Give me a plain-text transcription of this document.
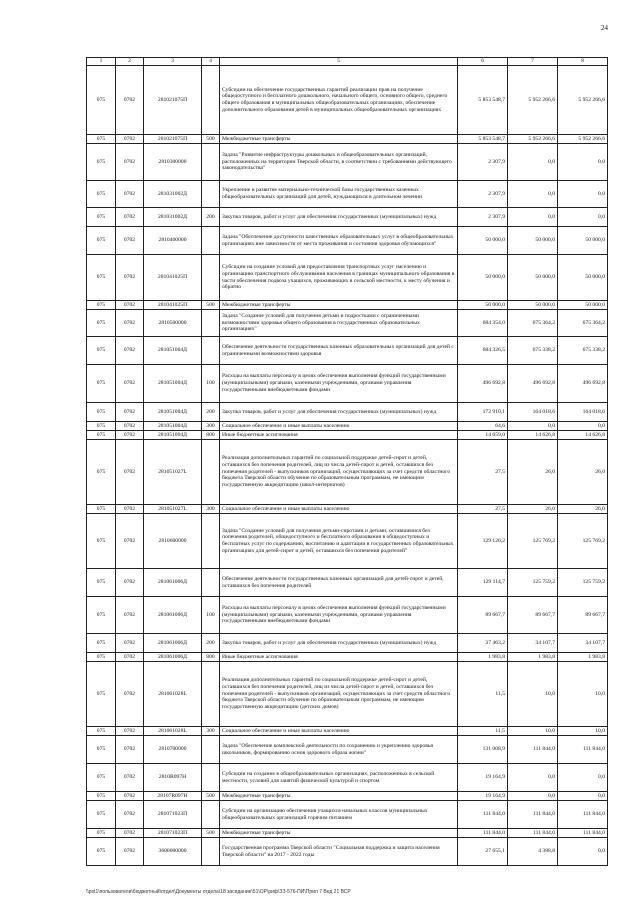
24
1	2	3	4	5	6	7	8
075	0702	281021075П		Субсидии на обеспечение государственных гарантий реализации прав на получение общедоступного и бесплатного дошкольного, начального общего, основного общего, среднего общего образования в муниципальных общеобразовательных организациях, обеспечение дополнительного образования детей в муниципальных общеобразовательных организациях	5 853 548,7	5 952 266,6	5 952 266,6
075	0702	281021075П	500	Межбюджетные трансферты	5 853 548,7	5 952 266,6	5 952 266,6
075	0702	2810300000		Задача "Развитие инфраструктуры дошкольных и общеобразовательных организаций, расположенных на территории Тверской области, в соответствии с требованиями действующего законодательства"	2 307,9	0,0	0,0
075	0702	281031002Д		Укрепление и развитие материально-технической базы государственных казенных общеобразовательных организаций для детей, нуждающихся в длительном лечении	2 307,9	0,0	0,0
075	0702	281031002Д	200	Закупка товаров, работ и услуг для обеспечения государственных (муниципальных) нужд	2 307,9	0,0	0,0
075	0702	2810400000		Задача "Обеспечение доступности качественных образовательных услуг в общеобразовательных организациях вне зависимости от места проживания и состояния здоровья обучающихся"	50 000,0	50 000,0	50 000,0
075	0702	281041025П		Субсидии на создание условий для предоставления транспортных услуг населению и организацию транспортного обслуживания населения в границах муниципального образования в части обеспечения подвоза учащихся, проживающих в сельской местности, к месту обучения и обратно	50 000,0	50 000,0	50 000,0
075	0702	281041025П	500	Межбюджетные трансферты	50 000,0	50 000,0	50 000,0
075	0702	2810500000		Задача "Создание условий для получения детьми и подростками с ограниченными возможностями здоровья общего образования в государственных образовательных организациях"	684 354,0	675 364,2	675 364,2
075	0702	281051004Д		Обеспечение деятельности государственных казенных образовательных организаций для детей с ограниченными возможностями здоровья	684 326,5	675 338,2	675 338,2
075	0702	281051004Д	100	Расходы на выплаты персоналу в целях обеспечения выполнения функций государственными (муниципальными) органами, казенными учреждениями, органами управления государственными внебюджетными фондами	496 692,8	496 692,8	496 692,8
075	0702	281051004Д	200	Закупка товаров, работ и услуг для обеспечения государственных (муниципальных) нужд	172 910,1	164 018,6	164 018,6
075	0702	281051004Д	300	Социальное обеспечение и иные выплаты населению	64,6	0,0	0,0
075	0702	281051004Д	800	Иные бюджетные ассигнования	14 659,0	14 626,8	14 626,8
075	0702	281051027L		Реализация дополнительных гарантий по социальной поддержке детей-сирот и детей, оставшихся без попечения родителей, лиц из числа детей-сирот и детей, оставшихся без попечения родителей - выпускников организаций, осуществляющих за счет средств областного бюджета Тверской области обучение по образовательным программам, не имеющим государственную аккредитацию (школ-интернатов)	27,5	26,0	26,0
075	0702	281051027L	300	Социальное обеспечение и иные выплаты населению	27,5	26,0	26,0
075	0702	2810600000		Задача "Создание условий для получения детьми-сиротами и детьми, оставшимися без попечения родителей, общедоступного и бесплатного образования в общедоступных и бесплатных услуг по содержанию, воспитанию и адаптации в государственных образовательных организациях для детей-сирот и детей, оставшихся без попечения родителей"	129 126,2	125 769,2	125 769,2
075	0702	281061006Д		Обеспечение деятельности государственных казенных организаций для детей-сирот и детей, оставшихся без попечения родителей	129 114,7	125 759,2	125 759,2
075	0702	281061006Д	100	Расходы на выплаты персоналу в целях обеспечения выполнения функций государственными (муниципальными) органами, казенными учреждениями, органами управления государственными внебюджетными фондами	89 667,7	89 667,7	89 667,7
075	0702	281061006Д	200	Закупка товаров, работ и услуг для обеспечения государственных (муниципальных) нужд	37 463,2	34 107,7	34 107,7
075	0702	281061006Д	800	Иные бюджетные ассигнования	1 983,8	1 983,8	1 983,8
075	0702	281061028L		Реализация дополнительных гарантий по социальной поддержке детей-сирот и детей, оставшихся без попечения родителей, лиц из числа детей-сирот и детей, оставшихся без попечения родителей - выпускников организаций, осуществляющих за счет средств областного бюджета Тверской области обучение по образовательным программам, не имеющим государственную аккредитацию (детских домов)	11,5	10,0	10,0
075	0702	281061028L	300	Социальное обеспечение и иные выплаты населению	11,5	10,0	10,0
075	0702	2810700000		Задача "Обеспечение комплексной деятельности по сохранению и укреплению здоровья школьников, формированию основ здорового образа жизни"	131 008,9	111 844,0	111 844,0
075	0702	2810R097Н		Субсидии на создание в общеобразовательных организациях, расположенных в сельской местности, условий для занятий физической культурой и спортом	19 164,9	0,0	0,0
075	0702	28107R097Н	500	Межбюджетные трансферты	19 164,9	0,0	0,0
075	0702	281071023П		Субсидии на организацию обеспечения учащихся начальных классов муниципальных общеобразовательных организаций горячим питанием	111 844,0	111 844,0	111 844,0
075	0702	281071023П	500	Межбюджетные трансферты	111 844,0	111 844,0	111 844,0
075	0702	3600000000		Государственная программа Тверской области "Социальная поддержка и защита населения Тверской области" на 2017 - 2022 годы	27 655,1	4 388,8	0,0
\\pst1\пользователи\бюджетный\отдел\Документы отдела\18 заседание\51\ОР\риф\ЗЗ-576-ПИ\Прил 7 Вед 21 ВСР
